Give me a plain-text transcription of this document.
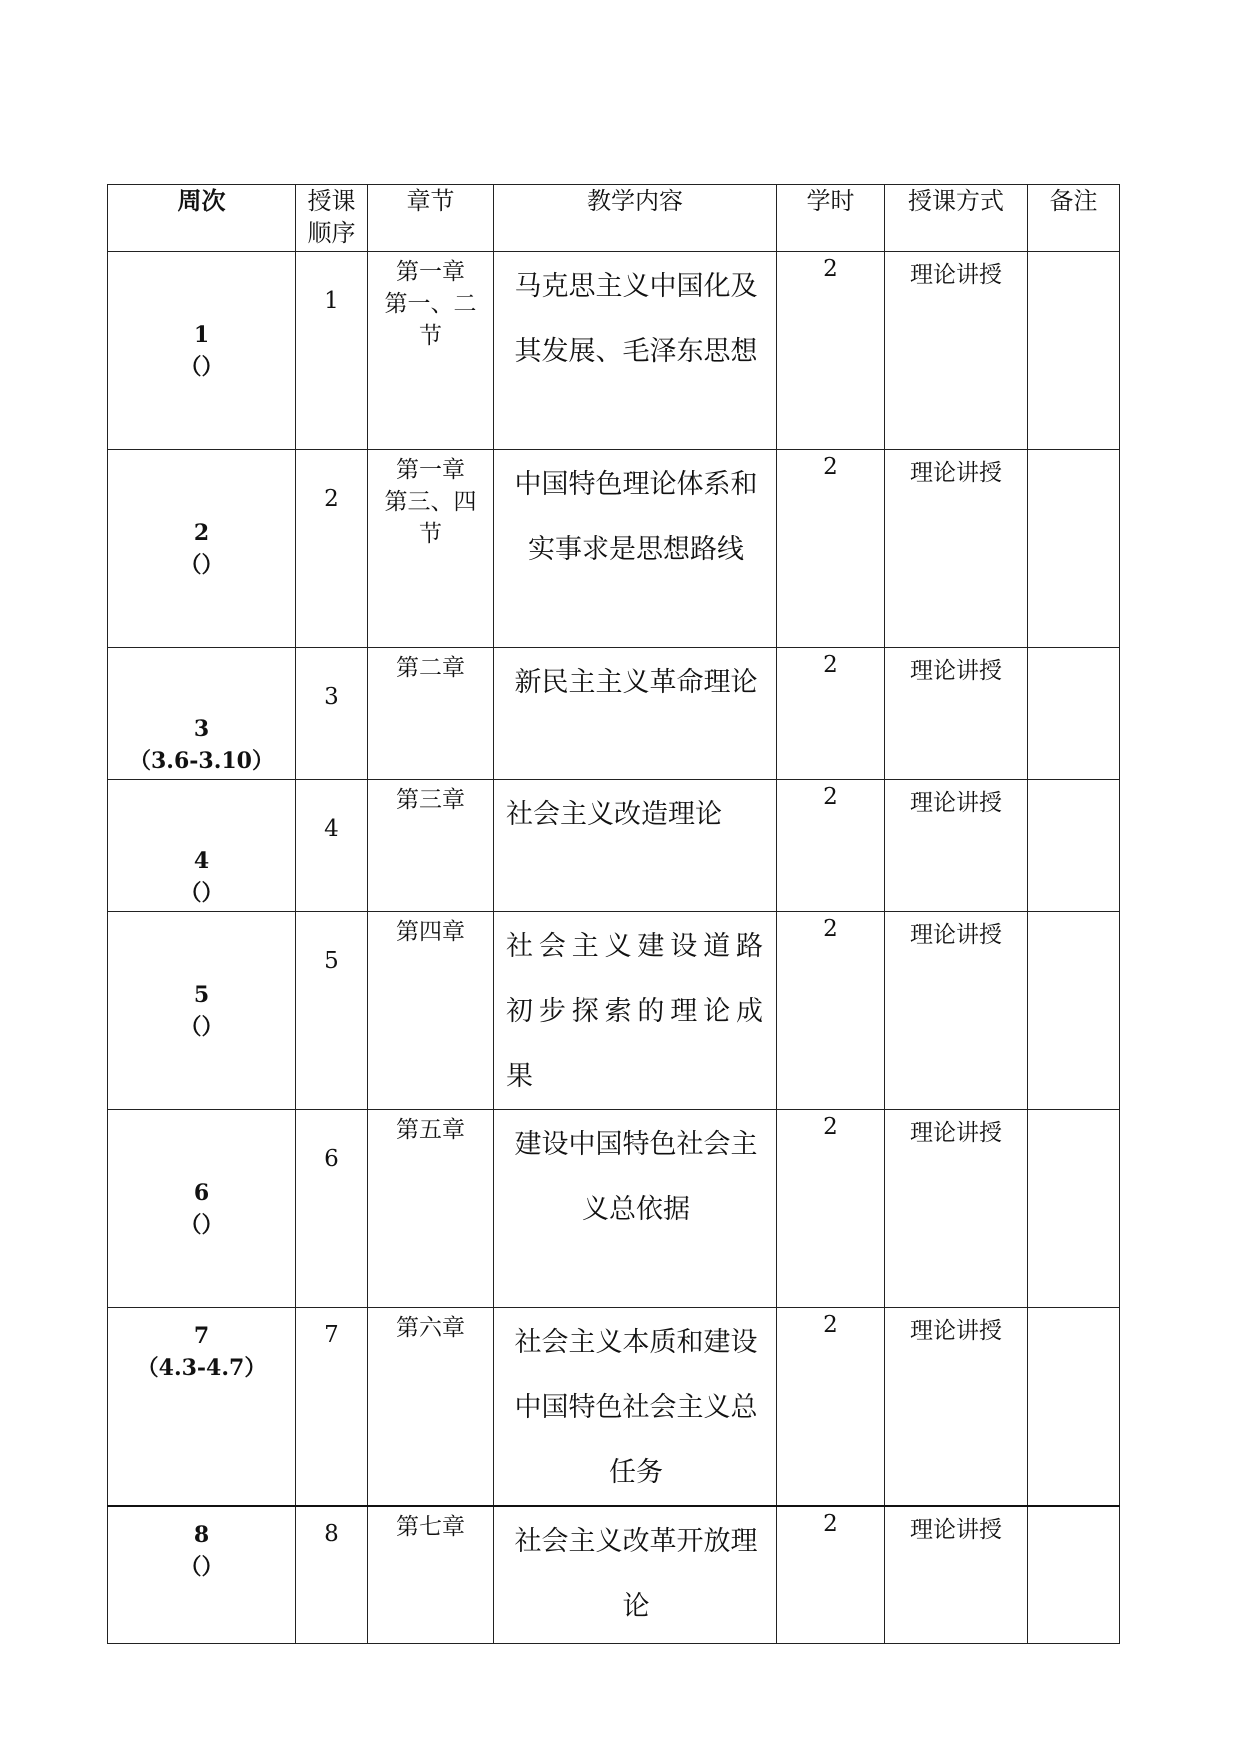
周次	授课顺序	章节	教学内容	学时	授课方式	备注

1
（）	1	第一章
第一、二
节	马克思主义中国化及其发展、毛泽东思想	2	理论讲授	

2
（）	2	第一章
第三、四
节	中国特色理论体系和实事求是思想路线	2	理论讲授	

3
（3.6-3.10）	3	第二章	新民主主义革命理论	2	理论讲授	

4
（）	4	第三章	社会主义改造理论	2	理论讲授	

5
（）	5	第四章	社会主义建设道路初步探索的理论成果	2	理论讲授	

6
（）	6	第五章	建设中国特色社会主义总依据	2	理论讲授	

7
（4.3-4.7）	7	第六章	社会主义本质和建设中国特色社会主义总任务	2	理论讲授	

8
（）	8	第七章	社会主义改革开放理论	2	理论讲授	
